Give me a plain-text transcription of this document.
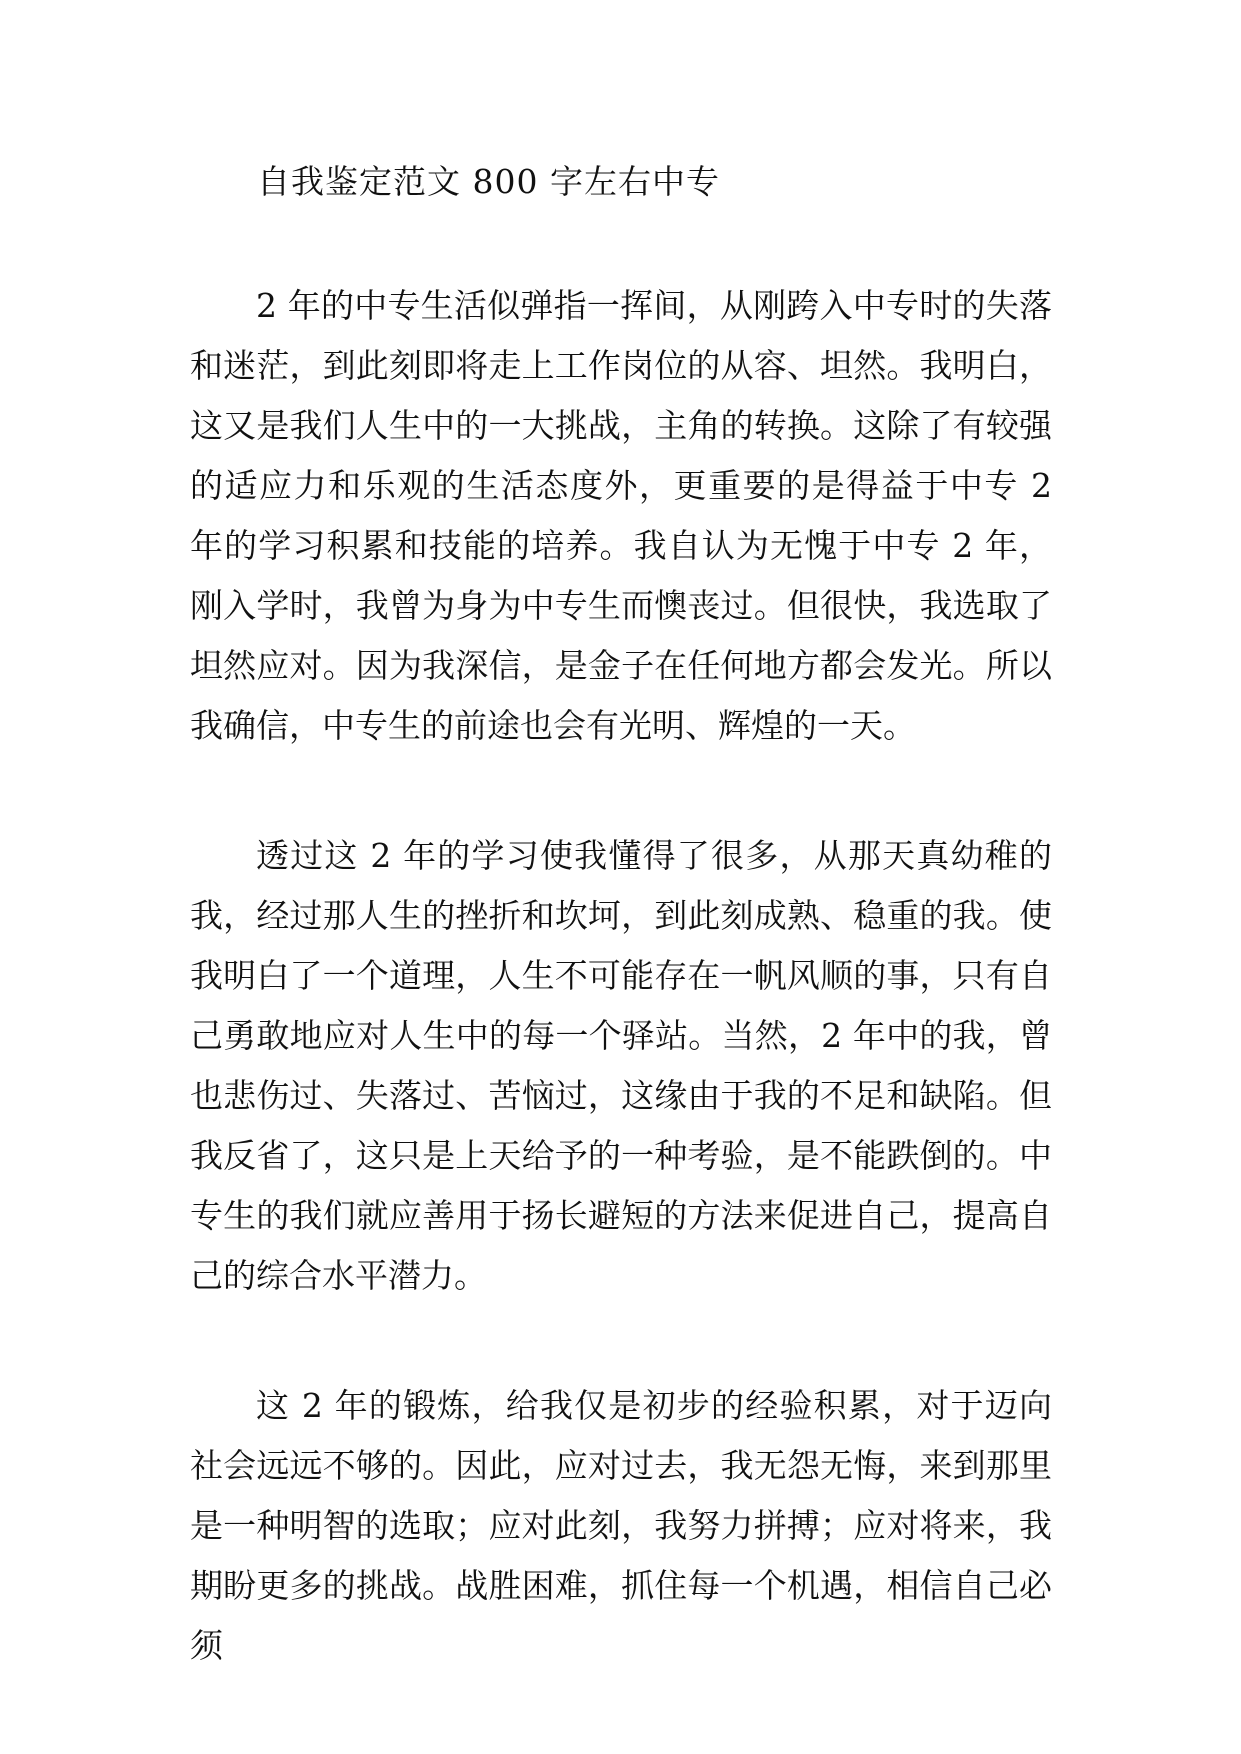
自我鉴定范文 800 字左右中专

2 年的中专生活似弹指一挥间，从刚跨入中专时的失落和迷茫，到此刻即将走上工作岗位的从容、坦然。我明白，这又是我们人生中的一大挑战，主角的转换。这除了有较强的适应力和乐观的生活态度外，更重要的是得益于中专 2 年的学习积累和技能的培养。我自认为无愧于中专 2 年，刚入学时，我曾为身为中专生而懊丧过。但很快，我选取了坦然应对。因为我深信，是金子在任何地方都会发光。所以我确信，中专生的前途也会有光明、辉煌的一天。

透过这 2 年的学习使我懂得了很多，从那天真幼稚的我，经过那人生的挫折和坎坷，到此刻成熟、稳重的我。使我明白了一个道理，人生不可能存在一帆风顺的事，只有自己勇敢地应对人生中的每一个驿站。当然，2 年中的我，曾也悲伤过、失落过、苦恼过，这缘由于我的不足和缺陷。但我反省了，这只是上天给予的一种考验，是不能跌倒的。中专生的我们就应善用于扬长避短的方法来促进自己，提高自己的综合水平潜力。

这 2 年的锻炼，给我仅是初步的经验积累，对于迈向社会远远不够的。因此，应对过去，我无怨无悔，来到那里是一种明智的选取；应对此刻，我努力拼搏；应对将来，我期盼更多的挑战。战胜困难，抓住每一个机遇，相信自己必须
